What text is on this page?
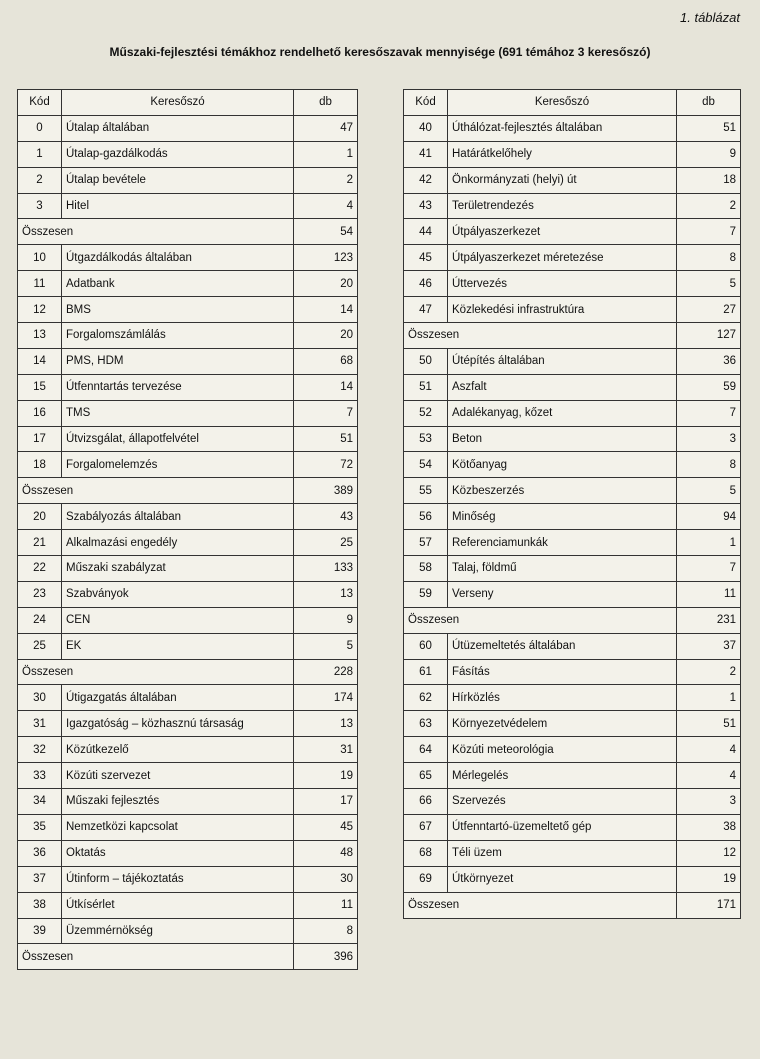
1. táblázat
Műszaki-fejlesztési témákhoz rendelhető keresőszavak mennyisége (691 témához 3 keresőszó)
Kód	Keresőszó	db
0	Útalap általában	47
1	Útalap-gazdálkodás	1
2	Útalap bevétele	2
3	Hitel	4
Összesen		54
10	Útgazdálkodás általában	123
11	Adatbank	20
12	BMS	14
13	Forgalomszámlálás	20
14	PMS, HDM	68
15	Útfenntartás tervezése	14
16	TMS	7
17	Útvizsgálat, állapotfelvétel	51
18	Forgalomelemzés	72
Összesen		389
20	Szabályozás általában	43
21	Alkalmazási engedély	25
22	Műszaki szabályzat	133
23	Szabványok	13
24	CEN	9
25	EK	5
Összesen		228
30	Útigazgatás általában	174
31	Igazgatóság – közhasznú társaság	13
32	Közútkezelő	31
33	Közúti szervezet	19
34	Műszaki fejlesztés	17
35	Nemzetközi kapcsolat	45
36	Oktatás	48
37	Útinform – tájékoztatás	30
38	Útkísérlet	11
39	Üzemmérnökség	8
Összesen		396
Kód	Keresőszó	db
40	Úthálózat-fejlesztés általában	51
41	Határátkelőhely	9
42	Önkormányzati (helyi) út	18
43	Területrendezés	2
44	Útpályaszerkezet	7
45	Útpályaszerkezet méretezése	8
46	Úttervezés	5
47	Közlekedési infrastruktúra	27
Összesen		127
50	Útépítés általában	36
51	Aszfalt	59
52	Adalékanyag, kőzet	7
53	Beton	3
54	Kötőanyag	8
55	Közbeszerzés	5
56	Minőség	94
57	Referenciamunkák	1
58	Talaj, földmű	7
59	Verseny	11
Összesen		231
60	Útüzemeltetés általában	37
61	Fásítás	2
62	Hírközlés	1
63	Környezetvédelem	51
64	Közúti meteorológia	4
65	Mérlegelés	4
66	Szervezés	3
67	Útfenntartó-üzemeltető gép	38
68	Téli üzem	12
69	Útkörnyezet	19
Összesen		171
